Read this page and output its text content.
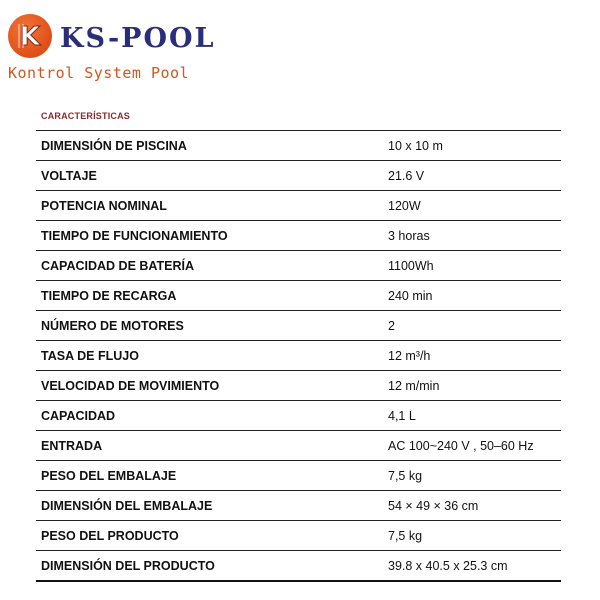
K KS-POOL
Kontrol System Pool
CARACTERÍSTICAS
DIMENSIÓN DE PISCINA	10 x 10 m
VOLTAJE	21.6 V
POTENCIA NOMINAL	120W
TIEMPO DE FUNCIONAMIENTO	3 horas
CAPACIDAD DE BATERÍA	1100Wh
TIEMPO DE RECARGA	240 min
NÚMERO DE MOTORES	2
TASA DE FLUJO	12 m³/h
VELOCIDAD DE MOVIMIENTO	12 m/min
CAPACIDAD	4,1 L
ENTRADA	AC 100~240 V , 50–60 Hz
PESO DEL EMBALAJE	7,5 kg
DIMENSIÓN DEL EMBALAJE	54 × 49 × 36 cm
PESO DEL PRODUCTO	7,5 kg
DIMENSIÓN DEL PRODUCTO	39.8 x 40.5 x 25.3 cm
